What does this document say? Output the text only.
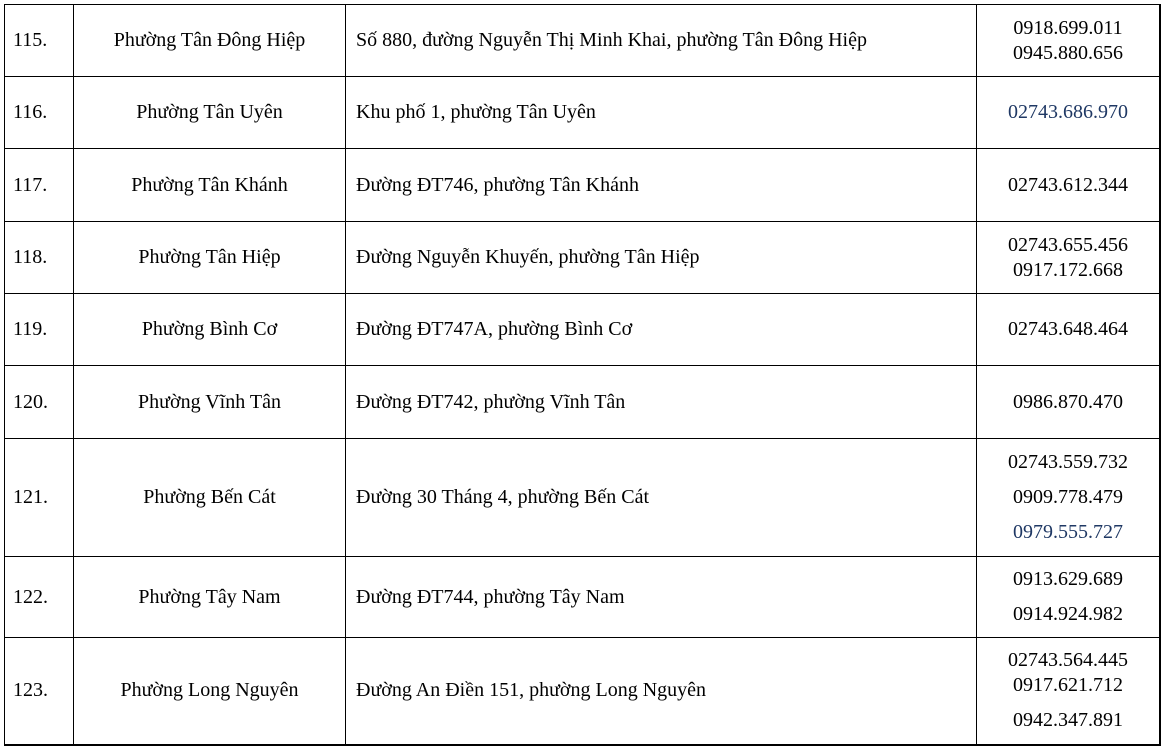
115.	Phường Tân Đông Hiệp	Số 880, đường Nguyễn Thị Minh Khai, phường Tân Đông Hiệp	0918.699.011
0945.880.656

116.	Phường Tân Uyên	Khu phố 1, phường Tân Uyên	02743.686.970

117.	Phường Tân Khánh	Đường ĐT746, phường Tân Khánh	02743.612.344

118.	Phường Tân Hiệp	Đường Nguyễn Khuyến, phường Tân Hiệp	02743.655.456
0917.172.668

119.	Phường Bình Cơ	Đường ĐT747A, phường Bình Cơ	02743.648.464

120.	Phường Vĩnh Tân	Đường ĐT742, phường Vĩnh Tân	0986.870.470

121.	Phường Bến Cát	Đường 30 Tháng 4, phường Bến Cát	02743.559.732
0909.778.479
0979.555.727

122.	Phường Tây Nam	Đường ĐT744, phường Tây Nam	0913.629.689
0914.924.982

123.	Phường Long Nguyên	Đường An Điền 151, phường Long Nguyên	02743.564.445
0917.621.712
0942.347.891
